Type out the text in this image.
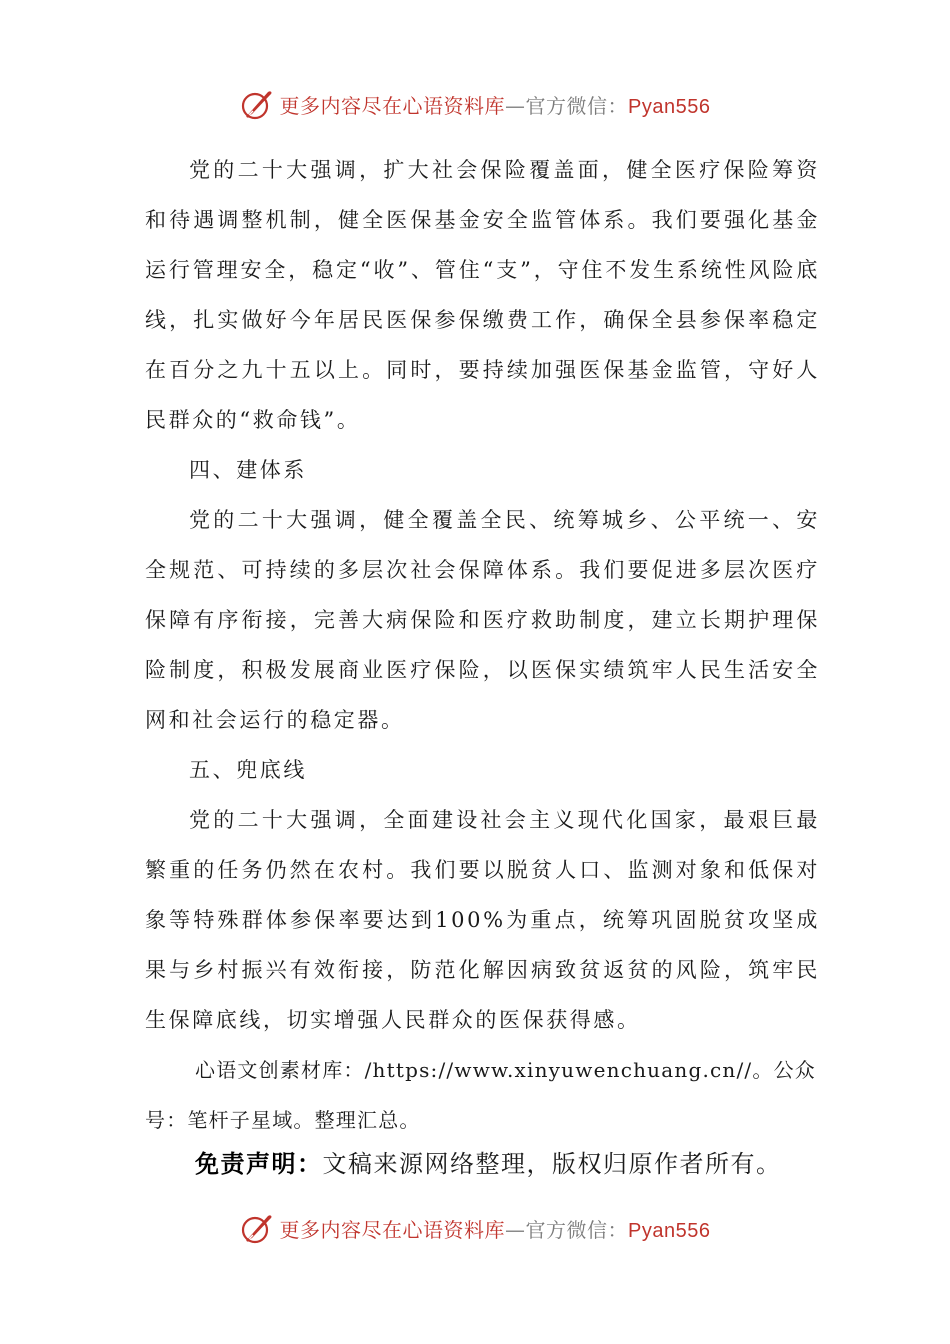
更多内容尽在心语资料库—官方微信：Pyan556

党的二十大强调，扩大社会保险覆盖面，健全医疗保险筹资和待遇调整机制，健全医保基金安全监管体系。我们要强化基金运行管理安全，稳定“收”、管住“支”，守住不发生系统性风险底线，扎实做好今年居民医保参保缴费工作，确保全县参保率稳定在百分之九十五以上。同时，要持续加强医保基金监管，守好人民群众的“救命钱”。

四、建体系

党的二十大强调，健全覆盖全民、统筹城乡、公平统一、安全规范、可持续的多层次社会保障体系。我们要促进多层次医疗保障有序衔接，完善大病保险和医疗救助制度，建立长期护理保险制度，积极发展商业医疗保险，以医保实绩筑牢人民生活安全网和社会运行的稳定器。

五、兜底线

党的二十大强调，全面建设社会主义现代化国家，最艰巨最繁重的任务仍然在农村。我们要以脱贫人口、监测对象和低保对象等特殊群体参保率要达到100%为重点，统筹巩固脱贫攻坚成果与乡村振兴有效衔接，防范化解因病致贫返贫的风险，筑牢民生保障底线，切实增强人民群众的医保获得感。

心语文创素材库：/https://www.xinyuwenchuang.cn//。公众号：笔杆子星域。整理汇总。

免责声明：文稿来源网络整理，版权归原作者所有。
更多内容尽在心语资料库—官方微信：Pyan556
